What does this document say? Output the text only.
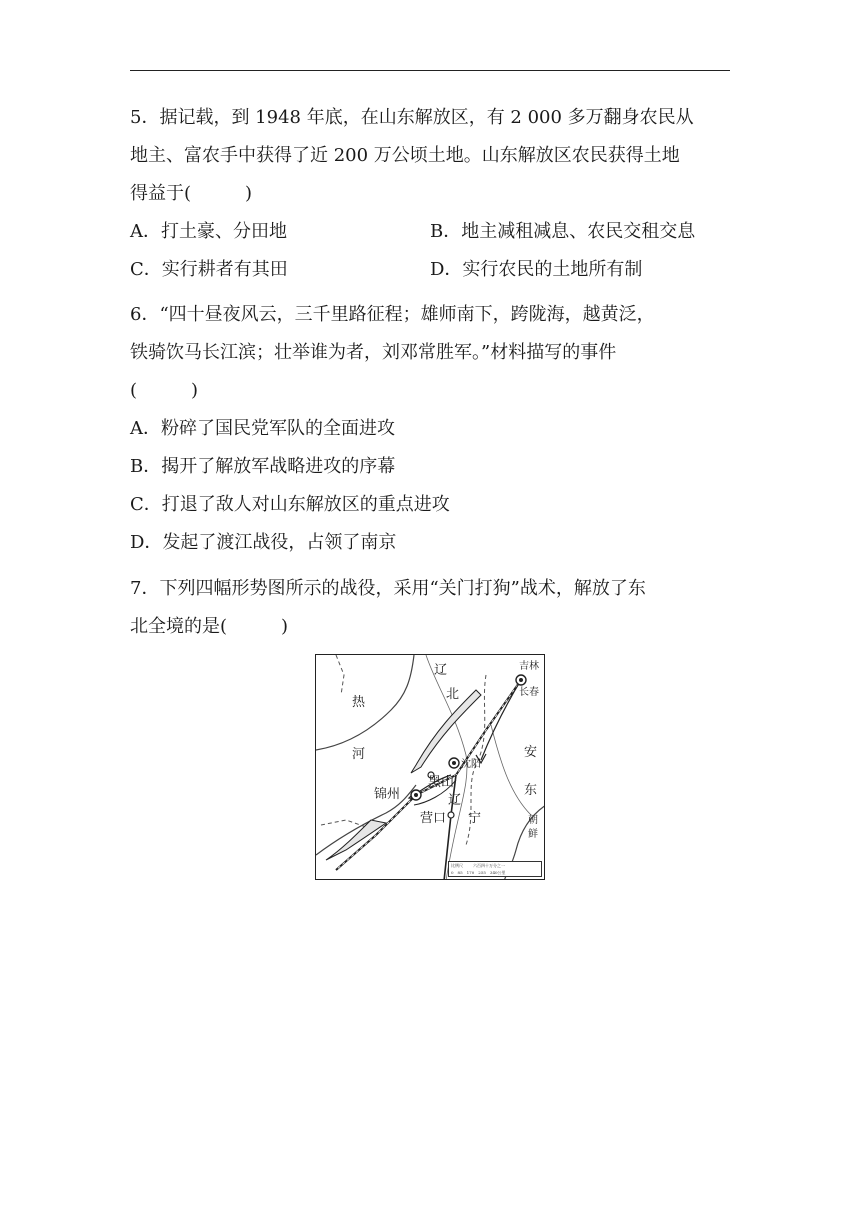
5．据记载，到 1948 年底，在山东解放区，有 2 000 多万翻身农民从
地主、富农手中获得了近 200 万公顷土地。山东解放区农民获得土地
得益于(　　　)
A．打土豪、分田地	B．地主减租减息、农民交租交息
C．实行耕者有其田	D．实行农民的土地所有制
6．“四十昼夜风云，三千里路征程；雄师南下，跨陇海，越黄泛，
铁骑饮马长江滨；壮举谁为者，刘邓常胜军。”材料描写的事件
(　　　)
A．粉碎了国民党军队的全面进攻
B．揭开了解放军战略进攻的序幕
C．打退了敌人对山东解放区的重点进攻
D．发起了渡江战役，占领了南京
7．下列四幅形势图所示的战役，采用“关门打狗”战术，解放了东
北全境的是(　　　)
吉林
长春
辽
北
热
河	安
东
沈阳
锦州
黑山
辽
宁
营口	朝
鲜
比例尺	六百四十万分之一
0　85　170　255　340公里
